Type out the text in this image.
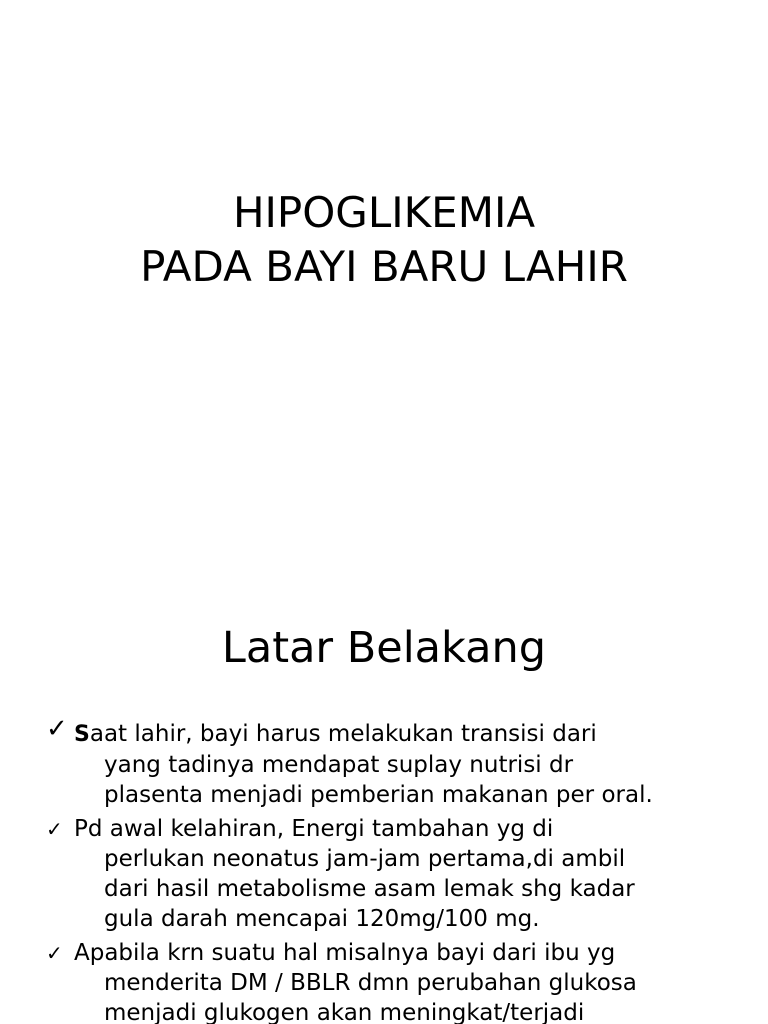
HIPOGLIKEMIA
PADA BAYI BARU LAHIR
Latar Belakang
✓ Saat lahir, bayi harus melakukan transisi dari
yang tadinya mendapat suplay nutrisi dr
plasenta menjadi pemberian makanan per oral.
✓ Pd awal kelahiran, Energi tambahan yg di
perlukan neonatus jam-jam pertama,di ambil
dari hasil metabolisme asam lemak shg kadar
gula darah mencapai 120mg/100 mg.
✓ Apabila krn suatu hal misalnya bayi dari ibu yg
menderita DM / BBLR dmn perubahan glukosa
menjadi glukogen akan meningkat/terjadi
